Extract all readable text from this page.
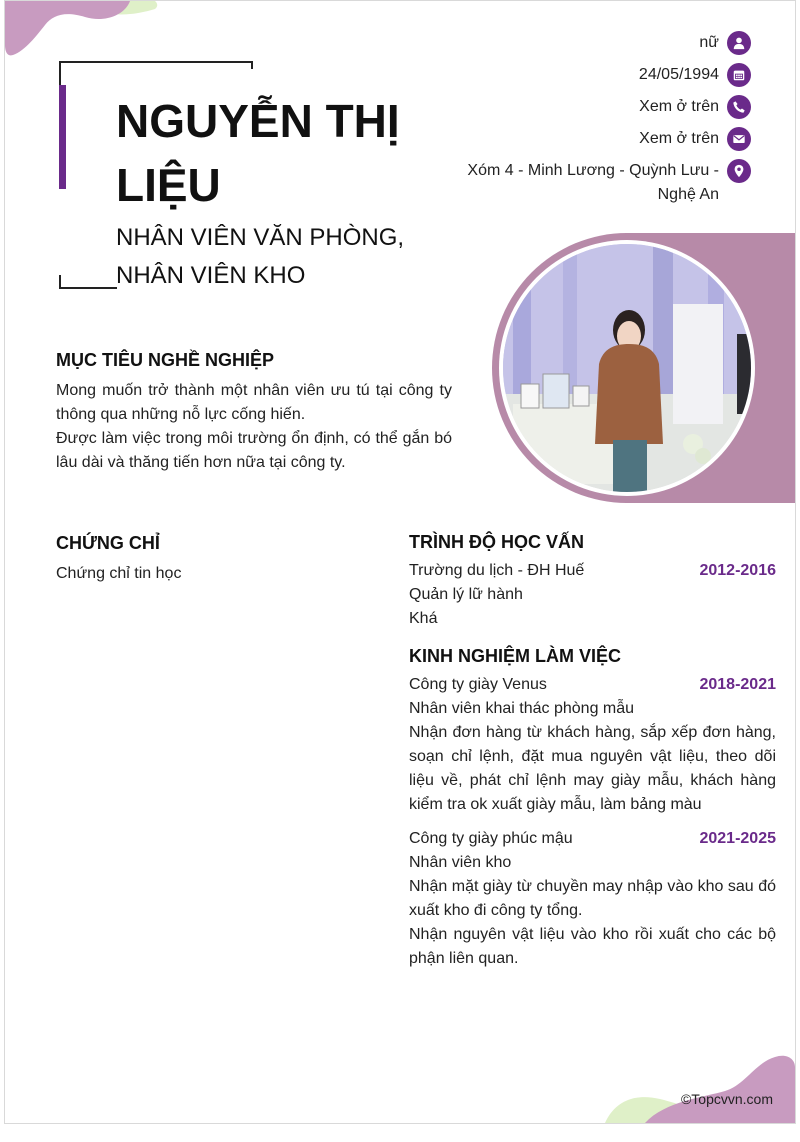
NGUYỄN THỊ LIỆU
NHÂN VIÊN VĂN PHÒNG, NHÂN VIÊN KHO
nữ
24/05/1994
Xem ở trên
Xem ở trên
Xóm 4 - Minh Lương - Quỳnh Lưu - Nghệ An
MỤC TIÊU NGHỀ NGHIỆP
Mong muốn trở thành một nhân viên ưu tú tại công ty thông qua những nỗ lực cống hiến.
Được làm việc trong môi trường ổn định, có thể gắn bó lâu dài và thăng tiến hơn nữa tại công ty.
CHỨNG CHỈ
Chứng chỉ tin học
TRÌNH ĐỘ HỌC VẤN
Trường du lịch - ĐH Huế	2012-2016
Quản lý lữ hành
Khá
KINH NGHIỆM LÀM VIỆC
Công ty giày Venus	2018-2021
Nhân viên khai thác phòng mẫu
Nhận đơn hàng từ khách hàng, sắp xếp đơn hàng, soạn chỉ lệnh, đặt mua nguyên vật liệu, theo dõi liệu về, phát chỉ lệnh may giày mẫu, khách hàng kiểm tra ok xuất giày mẫu, làm bảng màu
Công ty giày phúc mậu	2021-2025
Nhân viên kho
Nhận mặt giày từ chuyền may nhập vào kho sau đó xuất kho đi công ty tổng.
Nhận nguyên vật liệu vào kho rồi xuất cho các bộ phận liên quan.
©Topcvvn.com
